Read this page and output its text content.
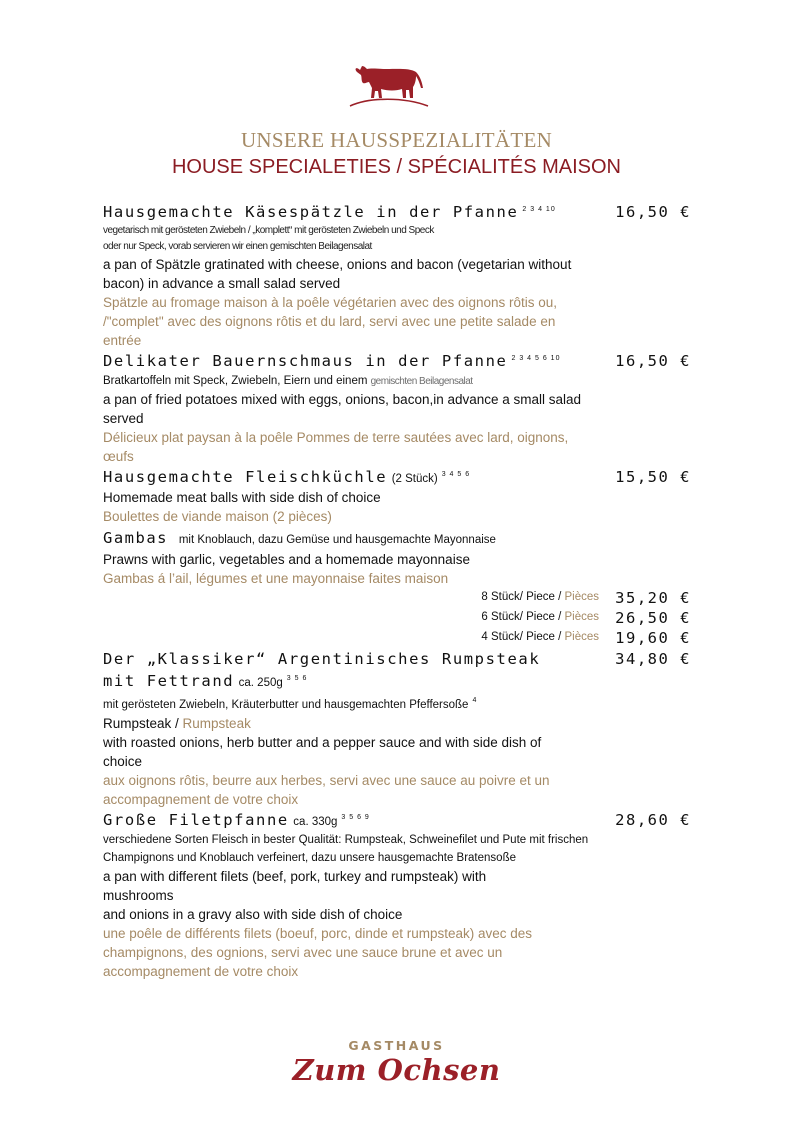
UNSERE HAUSSPEZIALITÄTEN
HOUSE SPECIALETIES / SPÉCIALITÉS MAISON
Hausgemachte Käsespätzle in der Pfanne $^{2 3 4 10}$	16,50 €
vegetarisch mit gerösteten Zwiebeln / „komplett“ mit gerösteten Zwiebeln und Speck
oder nur Speck, vorab servieren wir einen gemischten Beilagensalat
a pan of Spätzle gratinated with cheese, onions and bacon (vegetarian without bacon) in advance a small salad served
Spätzle au fromage maison à la poêle végétarien avec des oignons rôtis ou, /"complet" avec des oignons rôtis et du lard, servi avec une petite salade en entrée
Delikater Bauernschmaus in der Pfanne $^{2 3 4 5 6 10}$	16,50 €
Bratkartoffeln mit Speck, Zwiebeln, Eiern und einem gemischten Beilagensalat
a pan of fried potatoes mixed with eggs, onions, bacon,in advance a small salad served
Délicieux plat paysan à la poêle Pommes de terre sautées avec lard, oignons, œufs
Hausgemachte Fleischküchle (2 Stück) $^{3 4 5 6}$	15,50 €
Homemade meat balls with side dish of choice
Boulettes de viande maison (2 pièces)
Gambas mit Knoblauch, dazu Gemüse und hausgemachte Mayonnaise
Prawns with garlic, vegetables and a homemade mayonnaise
Gambas á l’ail, légumes et une mayonnaise faites maison
8 Stück/ Piece / Pièces 35,20 €
6 Stück/ Piece / Pièces 26,50 €
4 Stück/ Piece / Pièces 19,60 €
Der „Klassiker“ Argentinisches Rumpsteak	34,80 €
mit Fettrand ca. 250g $^{3 5 6}$
mit gerösteten Zwiebeln, Kräuterbutter und hausgemachten Pfeffersoße $^4$
Rumpsteak / Rumpsteak
with roasted onions, herb butter and a pepper sauce and with side dish of choice
aux oignons rôtis, beurre aux herbes, servi avec une sauce au poivre et un accompagnement de votre choix
Große Filetpfanne ca. 330g $^{3 5 6 9}$	28,60 €
verschiedene Sorten Fleisch in bester Qualität: Rumpsteak, Schweinefilet und Pute mit frischen Champignons und Knoblauch verfeinert, dazu unsere hausgemachte Bratensoße
a pan with different filets (beef, pork, turkey and rumpsteak) with mushrooms
and onions in a gravy also with side dish of choice
une poêle de différents filets (boeuf, porc, dinde et rumpsteak) avec des champignons, des ognions, servi avec une sauce brune et avec un accompagnement de votre choix
GASTHAUS
Zum Ochsen
